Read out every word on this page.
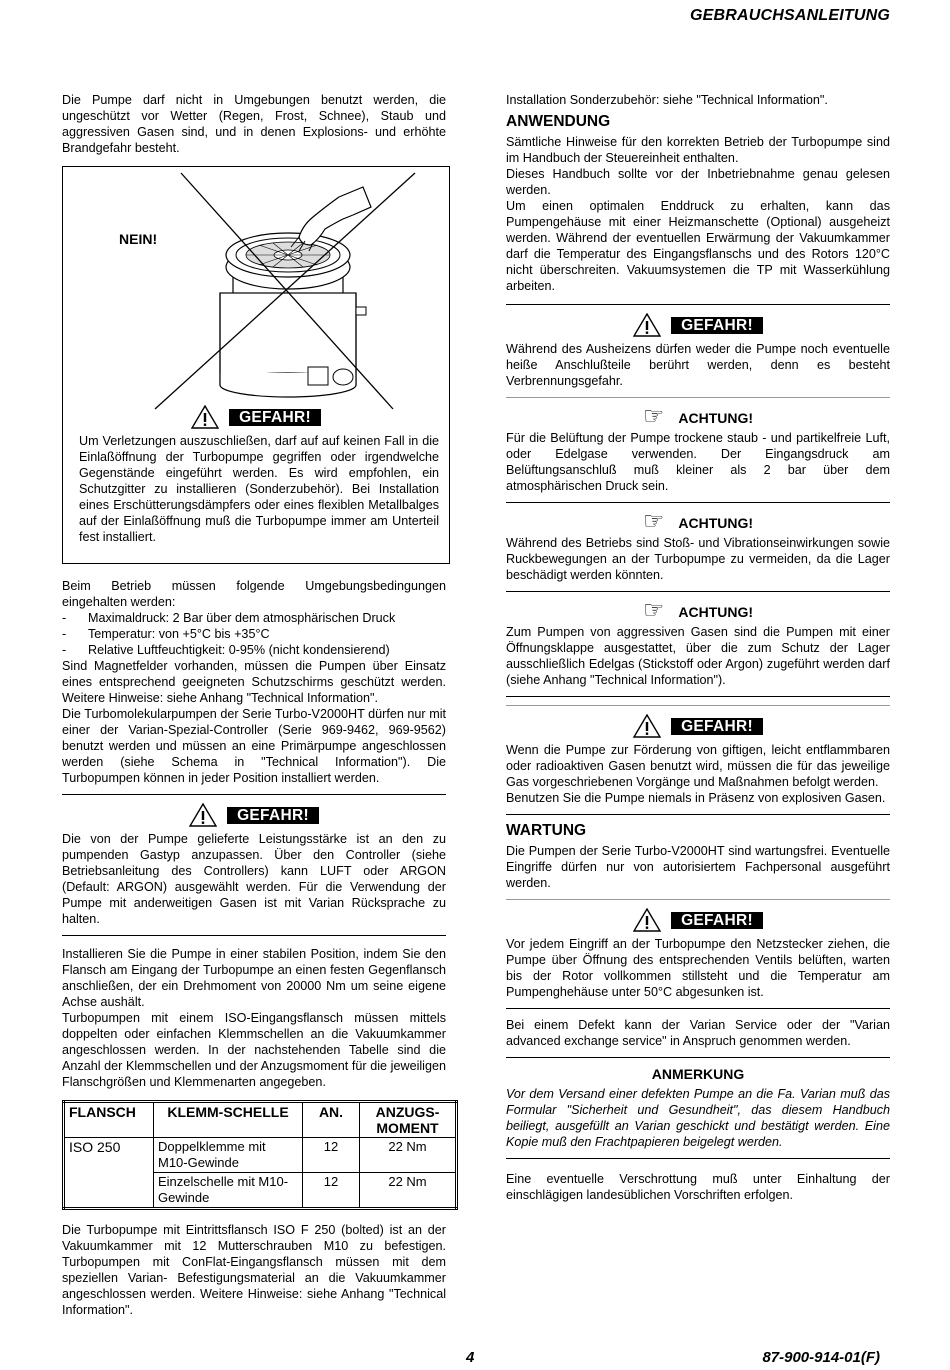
GEBRAUCHSANLEITUNG

Die Pumpe darf nicht in Umgebungen benutzt werden, die ungeschützt vor Wetter (Regen, Frost, Schnee), Staub und aggressiven Gasen sind, und in denen Explosions- und erhöhte Brandgefahr besteht.

NEIN!
GEFAHR!

Um Verletzungen auszuschließen, darf auf auf keinen Fall in die Einlaßöffnung der Turbopumpe gegriffen oder irgendwelche Gegenstände eingeführt werden. Es wird empfohlen, ein Schutzgitter zu installieren (Sonderzubehör). Bei Installation eines Erschütterungsdämpfers oder eines flexiblen Metallbalges auf der Einlaßöffnung muß die Turbopumpe immer am Unterteil fest installiert.

Beim Betrieb müssen folgende Umgebungsbedingungen eingehalten werden:

- Maximaldruck: 2 Bar über dem atmosphärischen Druck
- Temperatur: von +5°C bis +35°C
- Relative Luftfeuchtigkeit: 0-95% (nicht kondensierend)

Sind Magnetfelder vorhanden, müssen die Pumpen über Einsatz eines entsprechend geeigneten Schutzschirms geschützt werden. Weitere Hinweise: siehe Anhang "Technical Information".

Die Turbomolekularpumpen der Serie Turbo-V2000HT dürfen nur mit einer der Varian-Spezial-Controller (Serie 969-9462, 969-9562) benutzt werden und müssen an eine Primärpumpe angeschlossen werden (siehe Schema in "Technical Information"). Die Turbopumpen können in jeder Position installiert werden.

GEFAHR!

Die von der Pumpe gelieferte Leistungsstärke ist an den zu pumpenden Gastyp anzupassen. Über den Controller (siehe Betriebsanleitung des Controllers) kann LUFT oder ARGON (Default: ARGON) ausgewählt werden. Für die Verwendung der Pumpe mit anderweitigen Gasen ist mit Varian Rücksprache zu halten.

Installieren Sie die Pumpe in einer stabilen Position, indem Sie den Flansch am Eingang der Turbopumpe an einen festen Gegenflansch anschließen, der ein Drehmoment von 20000 Nm um seine eigene Achse aushält.

Turbopumpen mit einem ISO-Eingangsflansch müssen mittels doppelten oder einfachen Klemmschellen an die Vakuumkammer angeschlossen werden. In der nachstehenden Tabelle sind die Anzahl der Klemmschellen und der Anzugsmoment für die jeweiligen Flanschgrößen und Klemmenarten angegeben.

FLANSCH	KLEMM-SCHELLE	AN.	ANZUGS-MOMENT
ISO 250	Doppelklemme mit M10-Gewinde	12	22 Nm
	Einzelschelle mit M10-Gewinde	12	22 Nm

Die Turbopumpe mit Eintrittsflansch ISO F 250 (bolted) ist an der Vakuumkammer mit 12 Mutterschrauben M10 zu befestigen. Turbopumpen mit ConFlat-Eingangsflansch müssen mit dem speziellen Varian- Befestigungsmaterial an die Vakuumkammer angeschlossen werden. Weitere Hinweise: siehe Anhang "Technical Information".

Installation Sonderzubehör: siehe "Technical Information".

ANWENDUNG

Sämtliche Hinweise für den korrekten Betrieb der Turbopumpe sind im Handbuch der Steuereinheit enthalten.

Dieses Handbuch sollte vor der Inbetriebnahme genau gelesen werden.

Um einen optimalen Enddruck zu erhalten, kann das Pumpengehäuse mit einer Heizmanschette (Optional) ausgeheizt werden. Während der eventuellen Erwärmung der Vakuumkammer darf die Temperatur des Eingangsflanschs und des Rotors 120°C nicht überschreiten. Vakuumsystemen die TP mit Wasserkühlung arbeiten.

GEFAHR!

Während des Ausheizens dürfen weder die Pumpe noch eventuelle heiße Anschlußteile berührt werden, denn es besteht Verbrennungsgefahr.

☞ ACHTUNG!

Für die Belüftung der Pumpe trockene staub - und partikelfreie Luft, oder Edelgase verwenden. Der Eingangsdruck am Belüftungsanschluß muß kleiner als 2 bar über dem atmosphärischen Druck sein.

☞ ACHTUNG!

Während des Betriebs sind Stoß- und Vibrationseinwirkungen sowie Ruckbewegungen an der Turbopumpe zu vermeiden, da die Lager beschädigt werden könnten.

☞ ACHTUNG!

Zum Pumpen von aggressiven Gasen sind die Pumpen mit einer Öffnungsklappe ausgestattet, über die zum Schutz der Lager ausschließlich Edelgas (Stickstoff oder Argon) zugeführt werden darf (siehe Anhang "Technical Information").

GEFAHR!

Wenn die Pumpe zur Förderung von giftigen, leicht entflammbaren oder radioaktiven Gasen benutzt wird, müssen die für das jeweilige Gas vorgeschriebenen Vorgänge und Maßnahmen befolgt werden.

Benutzen Sie die Pumpe niemals in Präsenz von explosiven Gasen.

WARTUNG

Die Pumpen der Serie Turbo-V2000HT sind wartungsfrei. Eventuelle Eingriffe dürfen nur von autorisiertem Fachpersonal ausgeführt werden.

GEFAHR!

Vor jedem Eingriff an der Turbopumpe den Netzstecker ziehen, die Pumpe über Öffnung des entsprechenden Ventils belüften, warten bis der Rotor vollkommen stillsteht und die Temperatur am Pumpenghehäuse unter 50°C abgesunken ist.

Bei einem Defekt kann der Varian Service oder der "Varian advanced exchange service" in Anspruch genommen werden.

ANMERKUNG

Vor dem Versand einer defekten Pumpe an die Fa. Varian muß das Formular "Sicherheit und Gesundheit", das diesem Handbuch beiliegt, ausgefüllt an Varian geschickt und bestätigt werden. Eine Kopie muß den Frachtpapieren beigelegt werden.

Eine eventuelle Verschrottung muß unter Einhaltung der einschlägigen landesüblichen Vorschriften erfolgen.

4	87-900-914-01(F)
